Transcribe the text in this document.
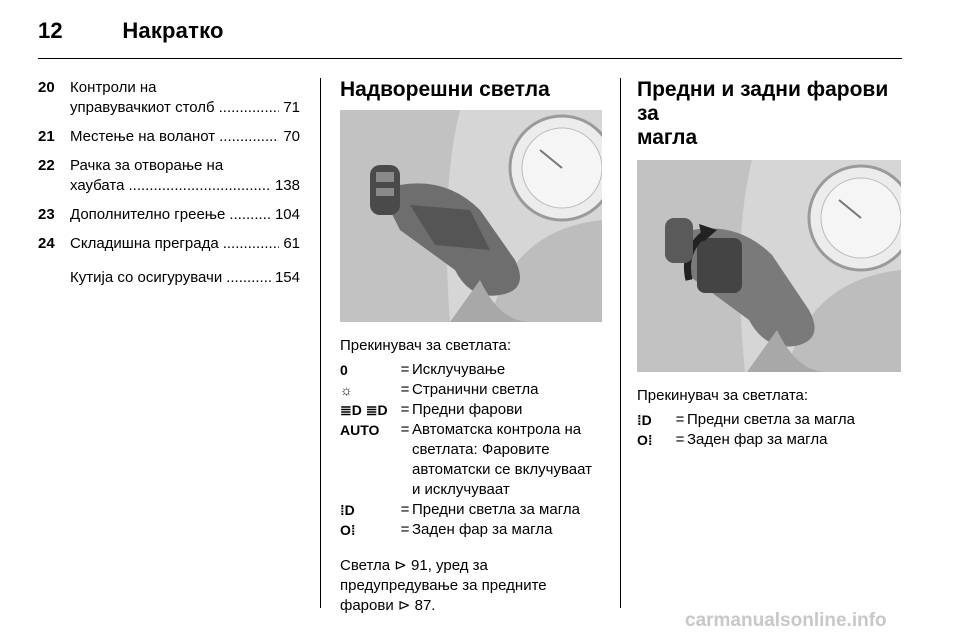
12	Накратко
20 Контроли на
управувачкиот столб .....	71
21 Местење на воланот .....	70
22 Рачка за отворање на
хаубата .....	138
23 Дополнително греење .....	104
24 Складишна преграда .....	61
Кутија со осигурувачи .....	154
Надворешни светла
Прекинувач за светлата:
0	= Исклучување
☼	= Странични светла
≣D ≣D = Предни фарови
AUTO	= Автоматска контрола на светлата: Фаровите автоматски се вклучуваат и исклучуваат
⁞D	= Предни светла за магла
O⁞	= Заден фар за магла
Светла ⊳ 91, уред за
предупредување за предните
фарови ⊳ 87.
Предни и задни фарови за
магла
Прекинувач за светлата:
⁞D	= Предни светла за магла
O⁞	= Заден фар за магла
carmanualsonline.info
